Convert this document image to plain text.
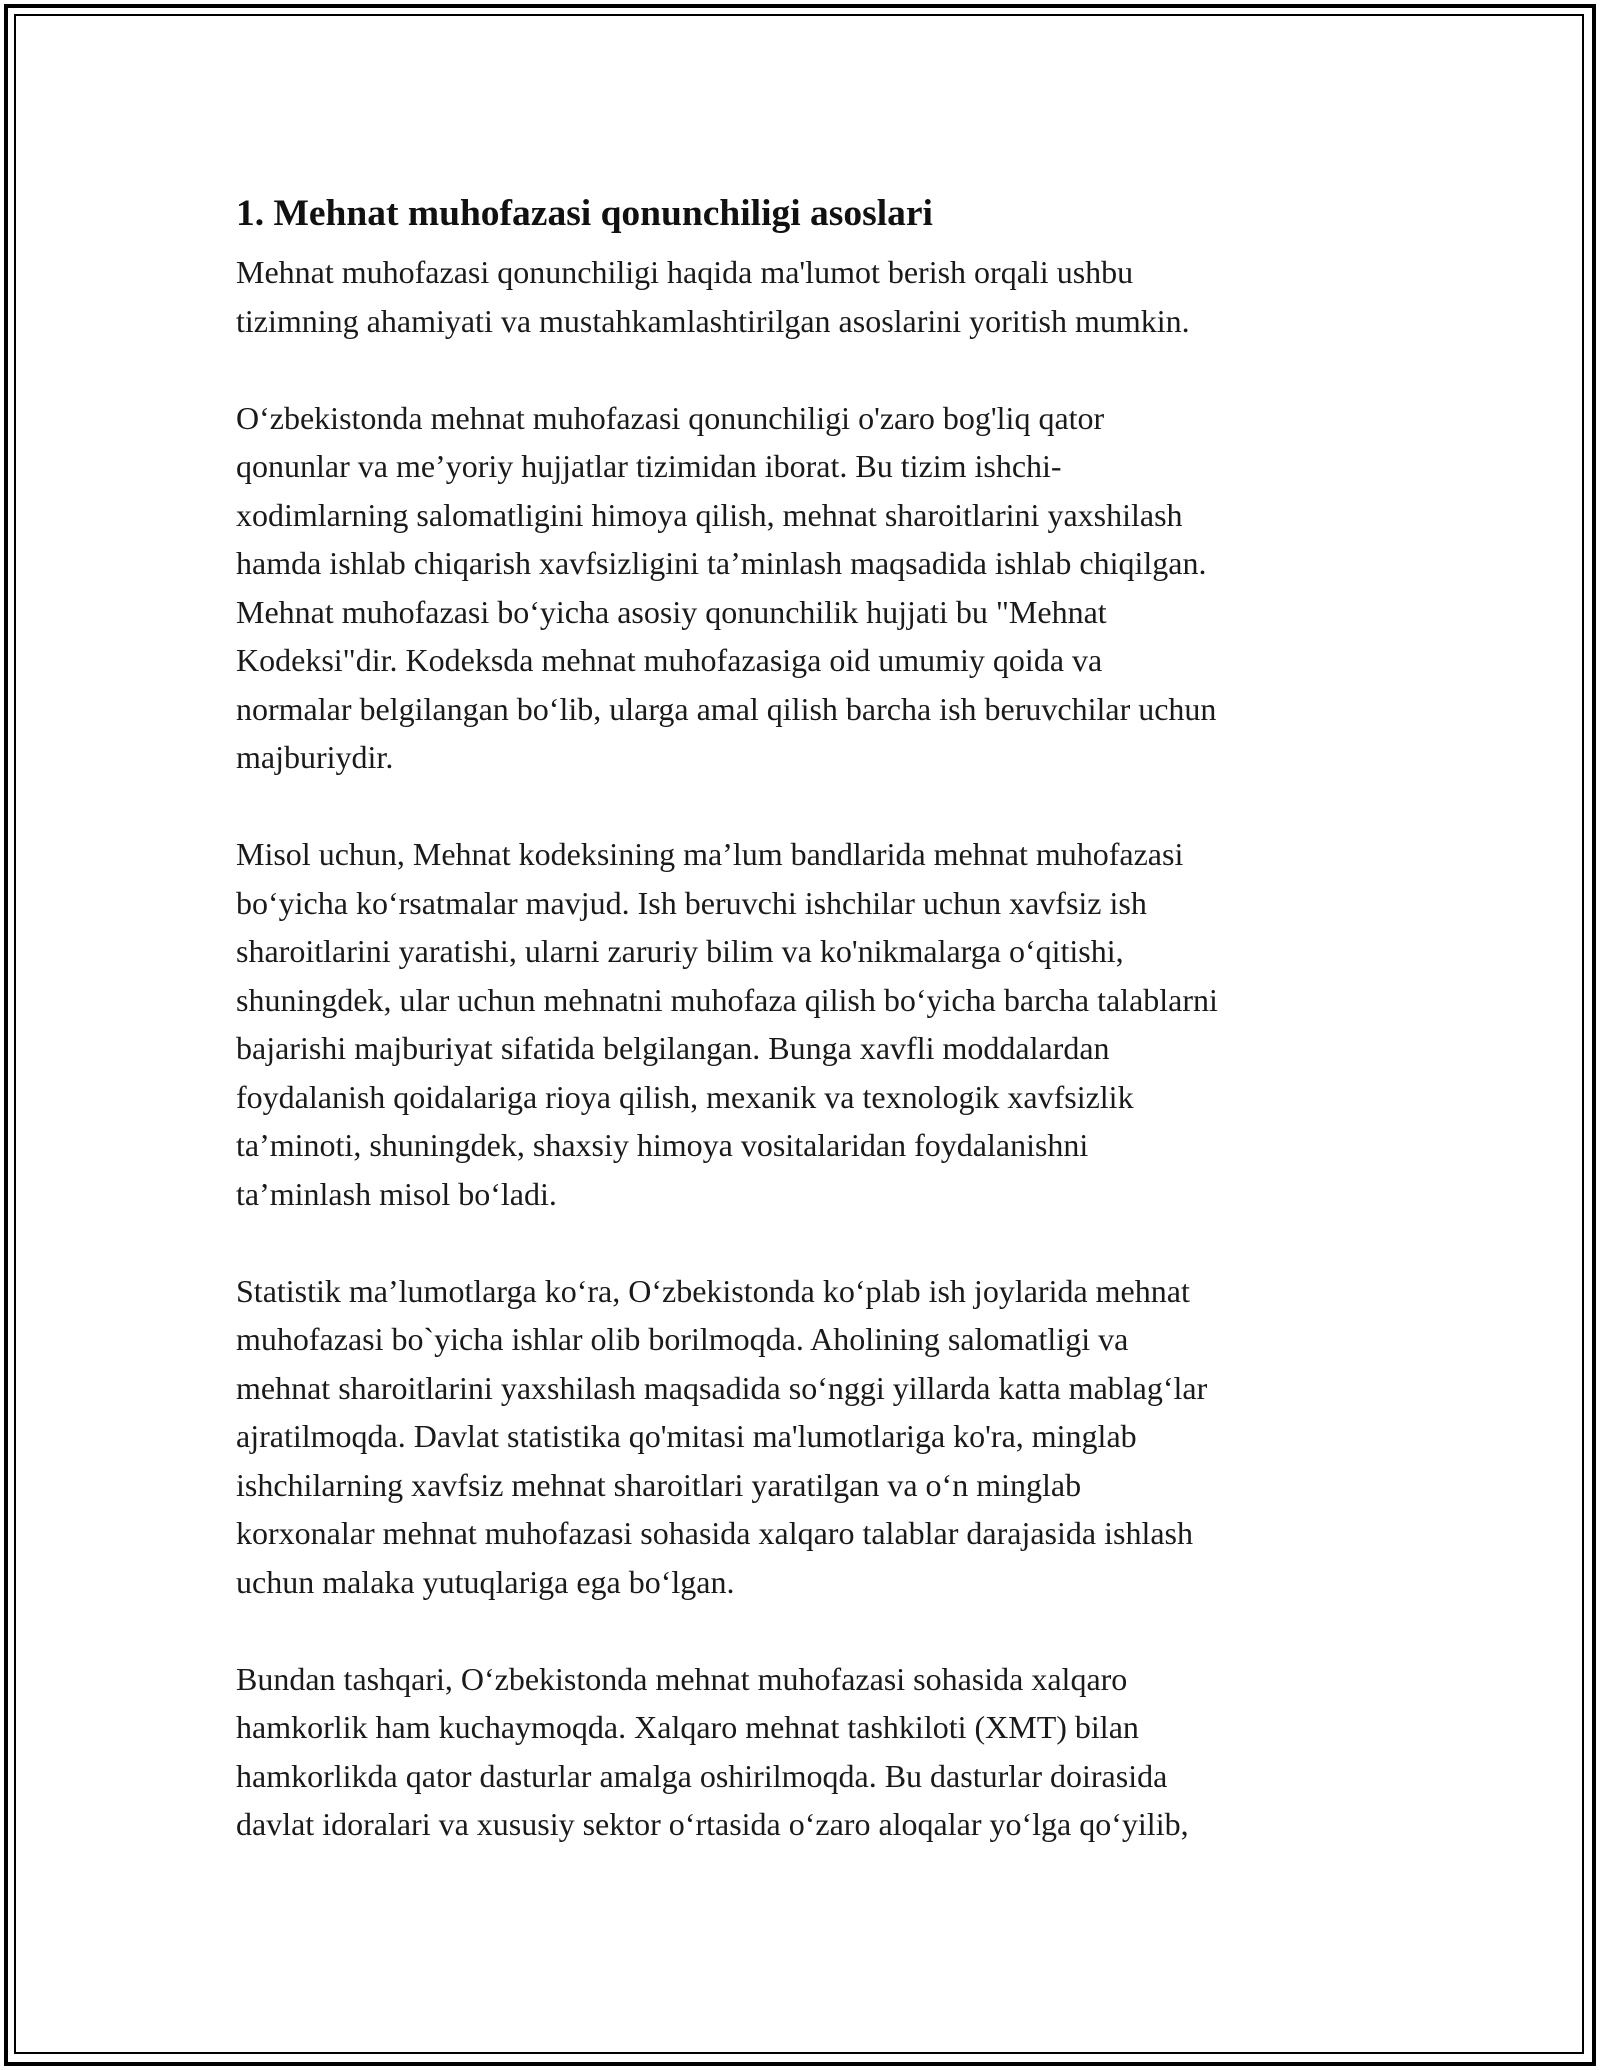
1. Mehnat muhofazasi qonunchiligi asoslari
Mehnat muhofazasi qonunchiligi haqida ma'lumot berish orqali ushbu
tizimning ahamiyati va mustahkamlashtirilgan asoslarini yoritish mumkin.
O‘zbekistonda mehnat muhofazasi qonunchiligi o'zaro bog'liq qator
qonunlar va me’yoriy hujjatlar tizimidan iborat. Bu tizim ishchi-
xodimlarning salomatligini himoya qilish, mehnat sharoitlarini yaxshilash
hamda ishlab chiqarish xavfsizligini ta’minlash maqsadida ishlab chiqilgan.
Mehnat muhofazasi bo‘yicha asosiy qonunchilik hujjati bu "Mehnat
Kodeksi"dir. Kodeksda mehnat muhofazasiga oid umumiy qoida va
normalar belgilangan bo‘lib, ularga amal qilish barcha ish beruvchilar uchun
majburiydir.
Misol uchun, Mehnat kodeksining ma’lum bandlarida mehnat muhofazasi
bo‘yicha ko‘rsatmalar mavjud. Ish beruvchi ishchilar uchun xavfsiz ish
sharoitlarini yaratishi, ularni zaruriy bilim va ko'nikmalarga o‘qitishi,
shuningdek, ular uchun mehnatni muhofaza qilish bo‘yicha barcha talablarni
bajarishi majburiyat sifatida belgilangan. Bunga xavfli moddalardan
foydalanish qoidalariga rioya qilish, mexanik va texnologik xavfsizlik
ta’minoti, shuningdek, shaxsiy himoya vositalaridan foydalanishni
ta’minlash misol bo‘ladi.
Statistik ma’lumotlarga ko‘ra, O‘zbekistonda ko‘plab ish joylarida mehnat
muhofazasi bo`yicha ishlar olib borilmoqda. Aholining salomatligi va
mehnat sharoitlarini yaxshilash maqsadida so‘nggi yillarda katta mablag‘lar
ajratilmoqda. Davlat statistika qo'mitasi ma'lumotlariga ko'ra, minglab
ishchilarning xavfsiz mehnat sharoitlari yaratilgan va o‘n minglab
korxonalar mehnat muhofazasi sohasida xalqaro talablar darajasida ishlash
uchun malaka yutuqlariga ega bo‘lgan.
Bundan tashqari, O‘zbekistonda mehnat muhofazasi sohasida xalqaro
hamkorlik ham kuchaymoqda. Xalqaro mehnat tashkiloti (XMT) bilan
hamkorlikda qator dasturlar amalga oshirilmoqda. Bu dasturlar doirasida
davlat idoralari va xususiy sektor o‘rtasida o‘zaro aloqalar yo‘lga qo‘yilib,
